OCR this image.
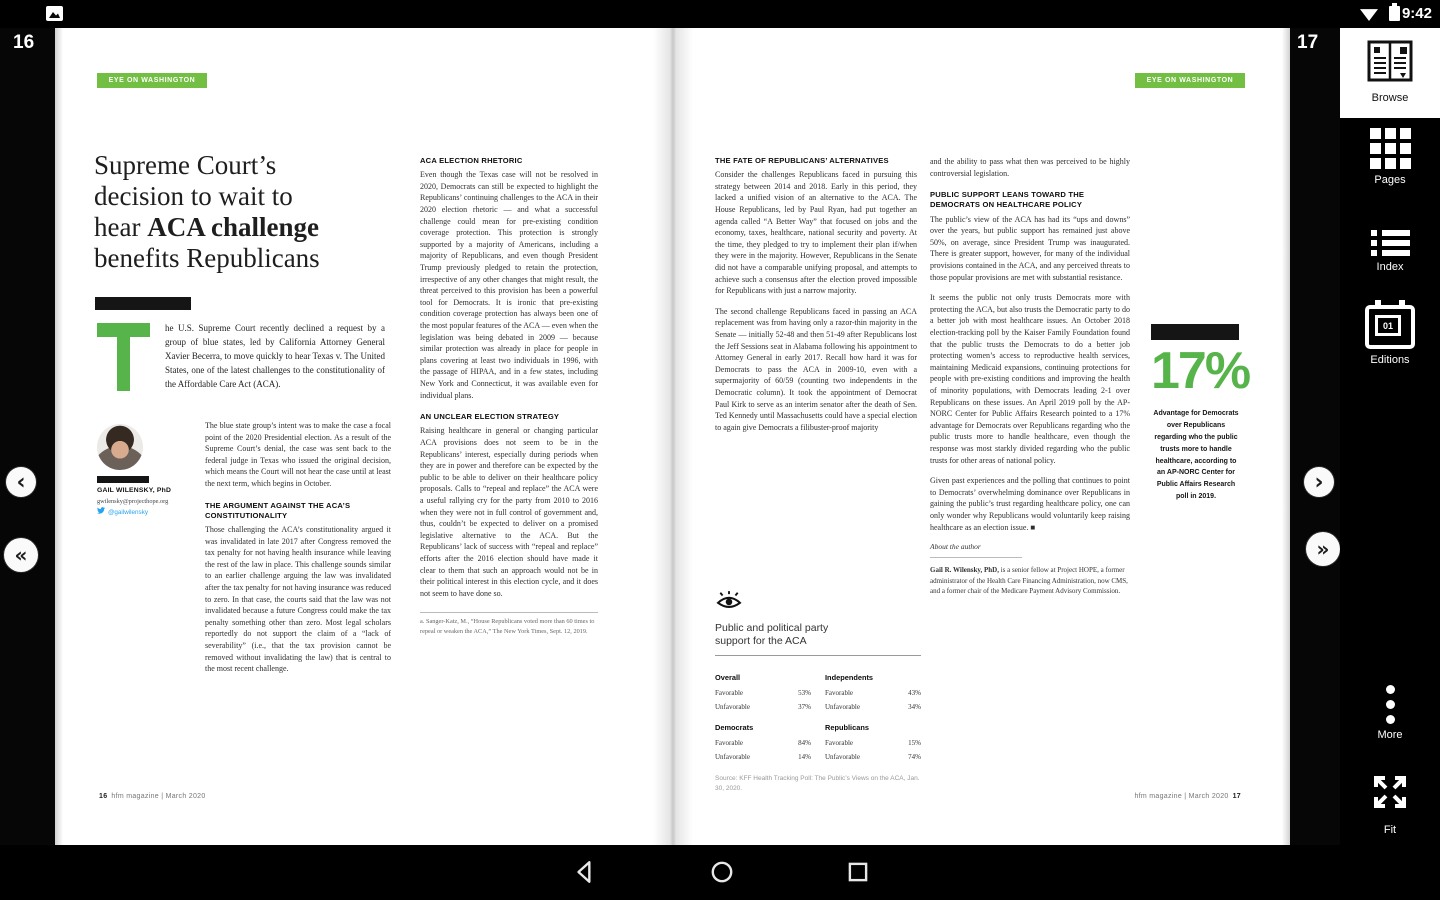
9:42
16	17
‹
«
›
»
EYE ON WASHINGTON
Supreme Court’s
decision to wait to
hear ACA challenge
benefits Republicans
he U.S. Supreme Court recently declined a request by a group of blue states, led by California Attorney General Xavier Becerra, to move quickly to hear Texas v. The United States, one of the latest challenges to the constitutionality of the Affordable Care Act (ACA).
GAIL WILENSKY, PhD
gwilensky@projecthope.org
@gailwilensky

The blue state group’s intent was to make the case a focal point of the 2020 Presidential election. As a result of the Supreme Court’s denial, the case was sent back to the federal judge in Texas who issued the original decision, which means the Court will not hear the case until at least the next term, which begins in October.

THE ARGUMENT AGAINST THE ACA’S CONSTITUTIONALITY

Those challenging the ACA’s constitutionality argued it was invalidated in late 2017 after Congress removed the tax penalty for not having health insurance while leaving the rest of the law in place. This challenge sounds similar to an earlier challenge arguing the law was invalidated after the tax penalty for not having insurance was reduced to zero. In that case, the courts said that the law was not invalidated because a future Congress could make the tax penalty something other than zero. Most legal scholars reportedly do not support the claim of a “lack of severability” (i.e., that the tax provision cannot be removed without invalidating the law) that is central to the most recent challenge.

ACA ELECTION RHETORIC

Even though the Texas case will not be resolved in 2020, Democrats can still be expected to highlight the Republicans’ continuing challenges to the ACA in their 2020 election rhetoric — and what a successful challenge could mean for pre-existing condition coverage protection. This protection is strongly supported by a majority of Americans, including a majority of Republicans, and even though President Trump previously pledged to retain the protection, irrespective of any other changes that might result, the threat perceived to this provision has been a powerful tool for Democrats. It is ironic that pre-existing condition coverage protection has always been one of the most popular features of the ACA — even when the legislation was being debated in 2009 — because similar protection was already in place for people in plans covering at least two individuals in 1996, with the passage of HIPAA, and in a few states, including New York and Connecticut, it was available even for individual plans.

AN UNCLEAR ELECTION STRATEGY

Raising healthcare in general or changing particular ACA provisions does not seem to be in the Republicans’ interest, especially during periods when they are in power and therefore can be expected by the public to be able to deliver on their healthcare policy proposals. Calls to “repeal and replace” the ACA were a useful rallying cry for the party from 2010 to 2016 when they were not in full control of government and, thus, couldn’t be expected to deliver on a promised legislative alternative to the ACA. But the Republicans’ lack of success with “repeal and replace” efforts after the 2016 election should have made it clear to them that such an approach would not be in their political interest in this election cycle, and it does not seem to have done so.

a. Sanger-Katz, M., “House Republicans voted more than 60 times to repeal or weaken the ACA,” The New York Times, Sept. 12, 2019.
16 hfm magazine | March 2020
EYE ON WASHINGTON
THE FATE OF REPUBLICANS’ ALTERNATIVES

Consider the challenges Republicans faced in pursuing this strategy between 2014 and 2018. Early in this period, they lacked a unified vision of an alternative to the ACA. The House Republicans, led by Paul Ryan, had put together an agenda called “A Better Way” that focused on jobs and the economy, taxes, healthcare, national security and poverty. At the time, they pledged to try to implement their plan if/when they were in the majority. However, Republicans in the Senate did not have a comparable unifying proposal, and attempts to achieve such a consensus after the election proved impossible for Republicans with just a narrow majority.

The second challenge Republicans faced in passing an ACA replacement was from having only a razor-thin majority in the Senate — initially 52-48 and then 51-49 after Republicans lost the Jeff Sessions seat in Alabama following his appointment to Attorney General in early 2017. Recall how hard it was for Democrats to pass the ACA in 2009-10, even with a supermajority of 60/59 (counting two independents in the Democratic column). It took the appointment of Democrat Paul Kirk to serve as an interim senator after the death of Sen. Ted Kennedy until Massachusetts could have a special election to again give Democrats a filibuster-proof majority

Public and political party
support for the ACA
Overall	Independents
Favorable	53% Favorable	43%
Unfavorable	37% Unfavorable	34%
Democrats	Republicans
Favorable	84% Favorable	15%
Unfavorable	14% Unfavorable	74%
Source: KFF Health Tracking Poll: The Public’s Views on the ACA, Jan. 30, 2020.

and the ability to pass what then was perceived to be highly controversial legislation.

PUBLIC SUPPORT LEANS TOWARD THE DEMOCRATS ON HEALTHCARE POLICY

The public’s view of the ACA has had its “ups and downs” over the years, but public support has remained just above 50%, on average, since President Trump was inaugurated. There is greater support, however, for many of the individual provisions contained in the ACA, and any perceived threats to those popular provisions are met with substantial resistance.

It seems the public not only trusts Democrats more with protecting the ACA, but also trusts the Democratic party to do a better job with most healthcare issues. An October 2018 election-tracking poll by the Kaiser Family Foundation found that the public trusts the Democrats to do a better job protecting women’s access to reproductive health services, maintaining Medicaid expansions, continuing protections for people with pre-existing conditions and improving the health of minority populations, with Democrats leading 2-1 over Republicans on these issues. An April 2019 poll by the AP-NORC Center for Public Affairs Research pointed to a 17% advantage for Democrats over Republicans regarding who the public trusts more to handle healthcare, even though the response was most starkly divided regarding who the public trusts for other areas of national policy.

Given past experiences and the polling that continues to point to Democrats’ overwhelming dominance over Republicans in gaining the public’s trust regarding healthcare policy, one can only wonder why Republicans would voluntarily keep raising healthcare as an election issue. ■

About the author

Gail R. Wilensky, PhD, is a senior fellow at Project HOPE, a former administrator of the Health Care Financing Administration, now CMS, and a former chair of the Medicare Payment Advisory Commission.

17%
Advantage for Democrats over Republicans regarding who the public trusts more to handle healthcare, according to an AP-NORC Center for Public Affairs Research poll in 2019.
hfm magazine | March 2020 17
Browse
Pages
Index
01
Editions
More
Fit
